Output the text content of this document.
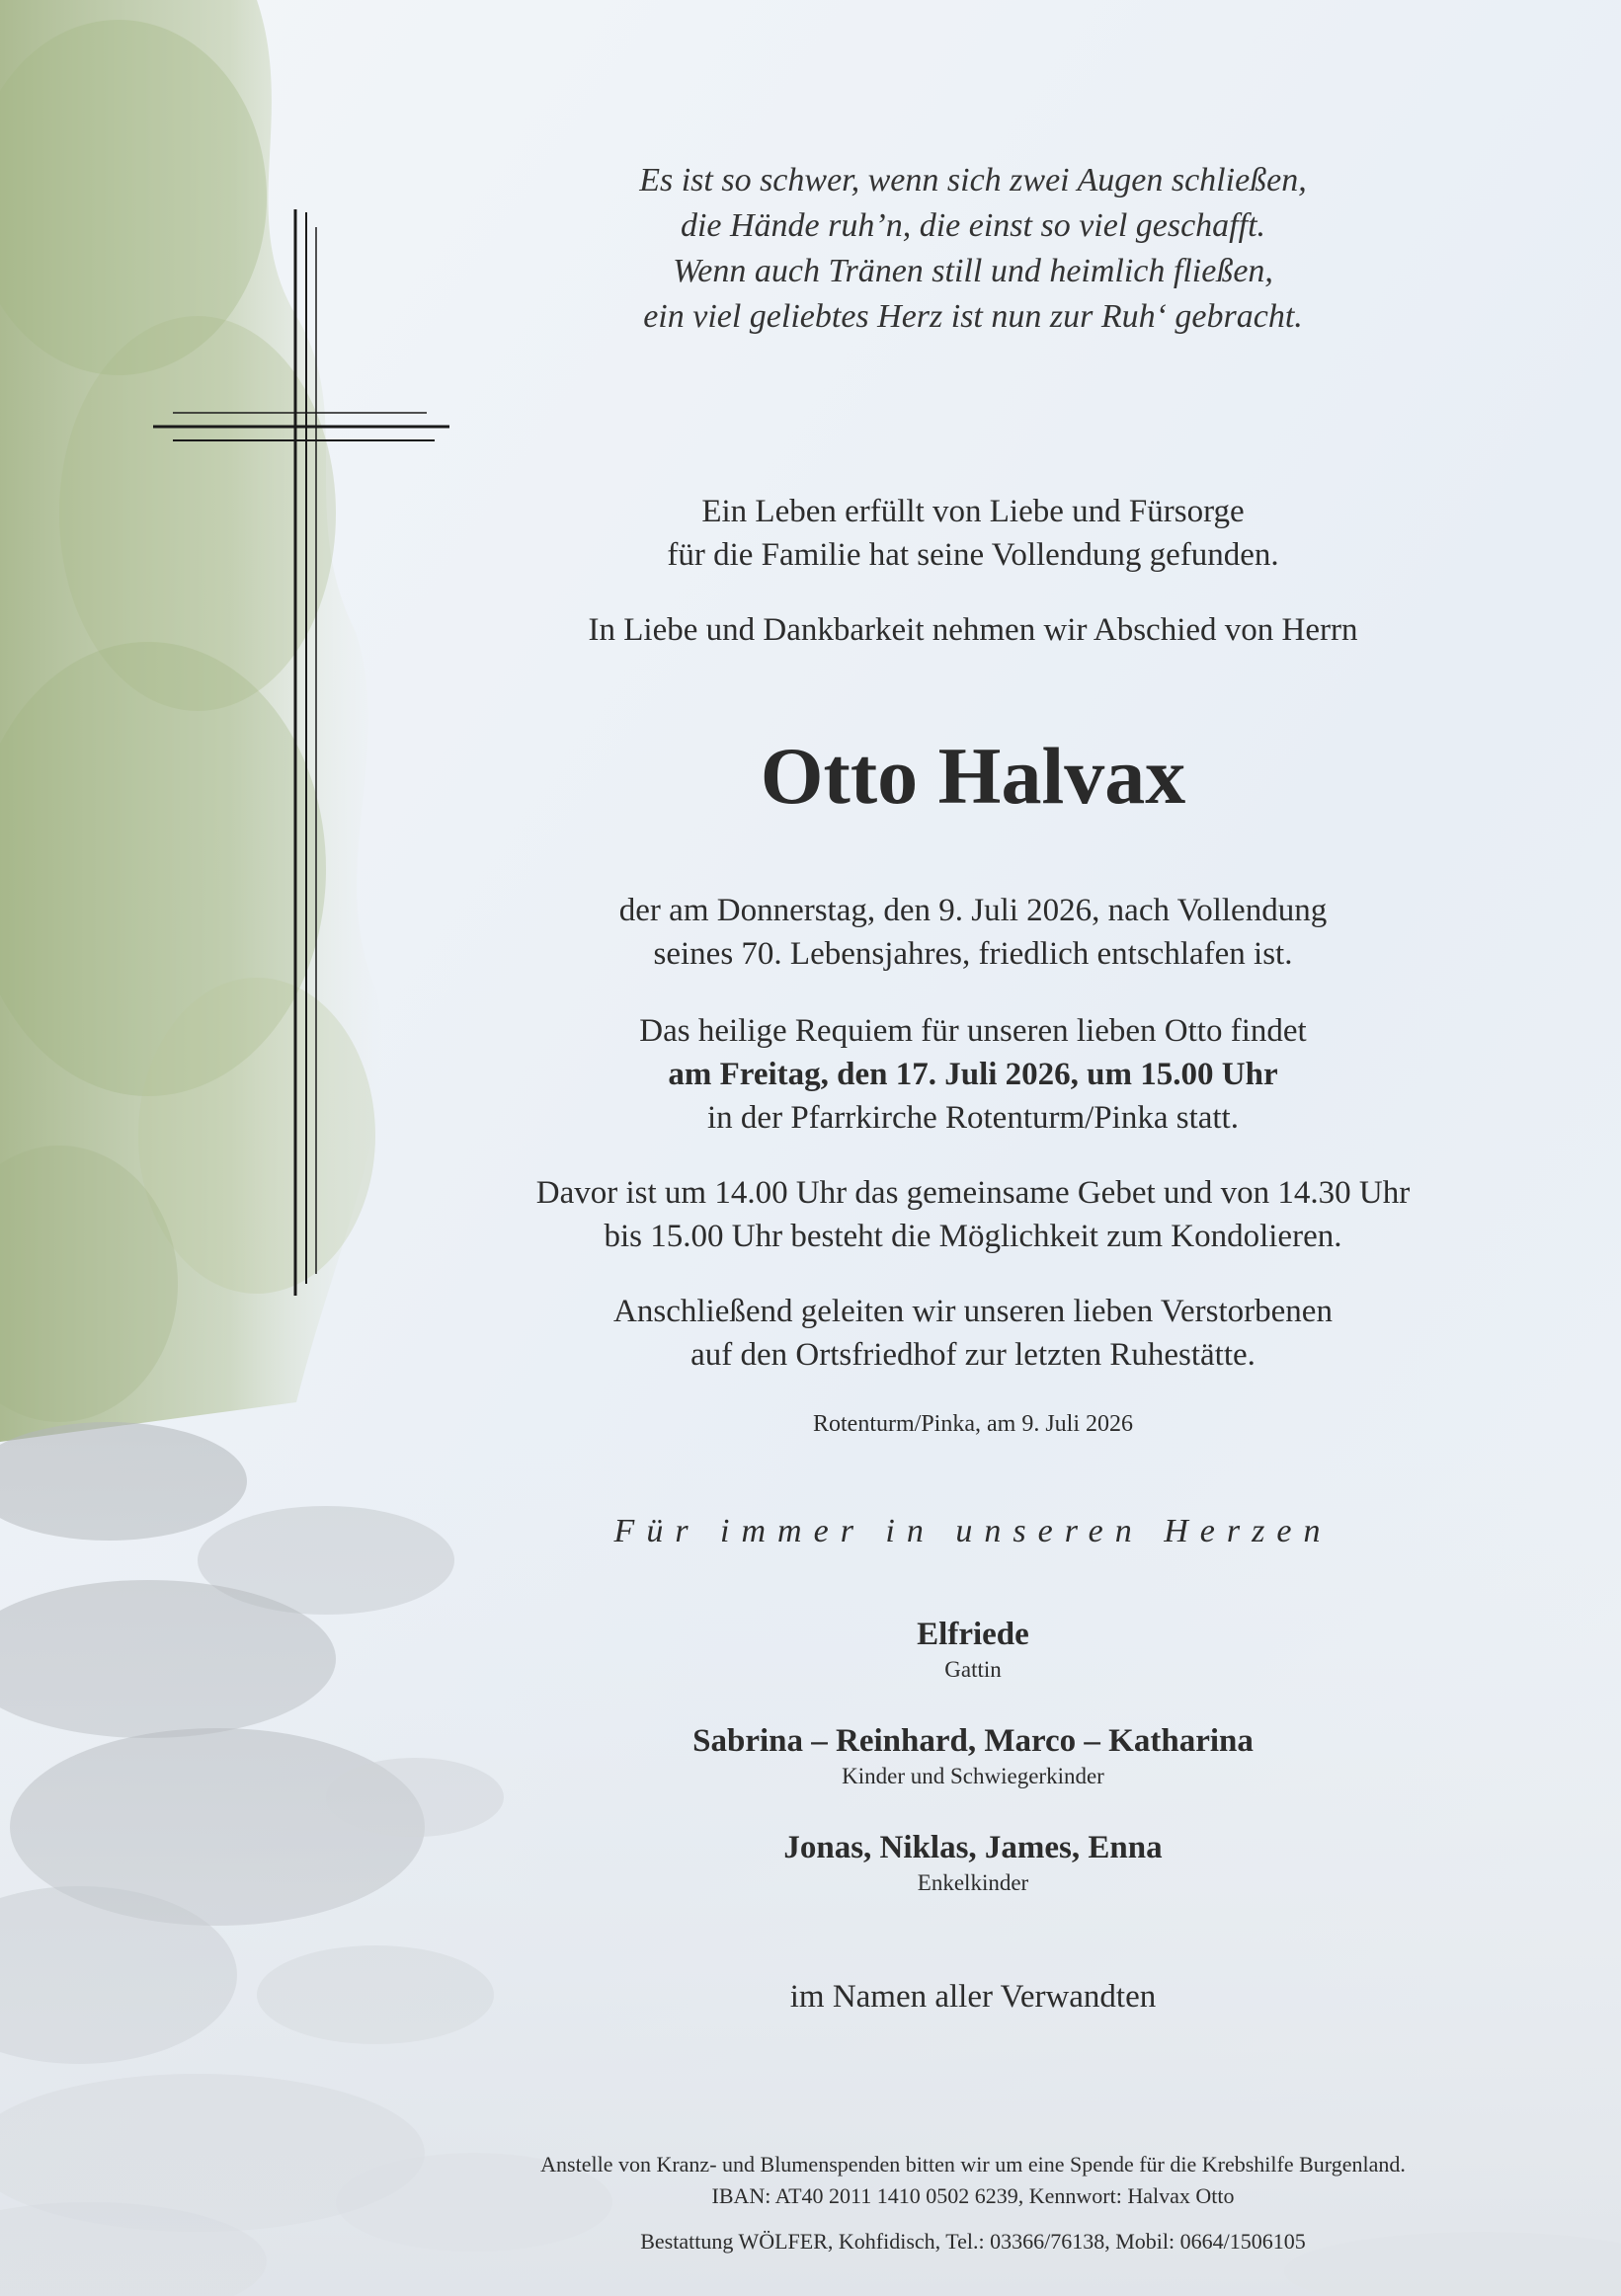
Es ist so schwer, wenn sich zwei Augen schließen,
die Hände ruh’n, die einst so viel geschafft.
Wenn auch Tränen still und heimlich fließen,
ein viel geliebtes Herz ist nun zur Ruh‘ gebracht.
Ein Leben erfüllt von Liebe und Fürsorge
für die Familie hat seine Vollendung gefunden.
In Liebe und Dankbarkeit nehmen wir Abschied von Herrn
Otto Halvax
der am Donnerstag, den 9. Juli 2026, nach Vollendung
seines 70. Lebensjahres, friedlich entschlafen ist.
Das heilige Requiem für unseren lieben Otto findet
am Freitag, den 17. Juli 2026, um 15.00 Uhr
in der Pfarrkirche Rotenturm/Pinka statt.
Davor ist um 14.00 Uhr das gemeinsame Gebet und von 14.30 Uhr
bis 15.00 Uhr besteht die Möglichkeit zum Kondolieren.
Anschließend geleiten wir unseren lieben Verstorbenen
auf den Ortsfriedhof zur letzten Ruhestätte.
Rotenturm/Pinka, am 9. Juli 2026
Für immer in unseren Herzen
Elfriede
Gattin
Sabrina – Reinhard, Marco – Katharina
Kinder und Schwiegerkinder
Jonas, Niklas, James, Enna
Enkelkinder
im Namen aller Verwandten
Anstelle von Kranz- und Blumenspenden bitten wir um eine Spende für die Krebshilfe Burgenland.
IBAN: AT40 2011 1410 0502 6239, Kennwort: Halvax Otto
Bestattung WÖLFER, Kohfidisch, Tel.: 03366/76138, Mobil: 0664/1506105
